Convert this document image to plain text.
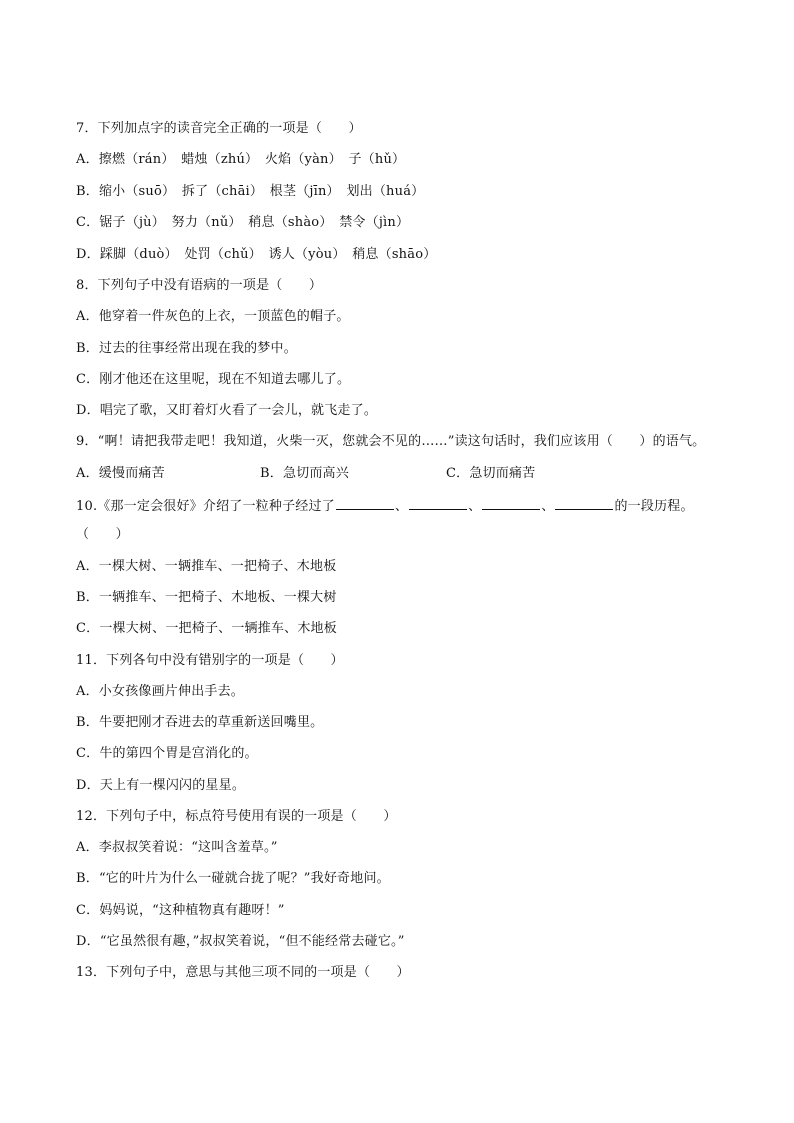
7．下列加点字的读音完全正确的一项是（　　）
A．擦燃（rán）　蜡烛（zhú）　火焰（yàn）　子（hǔ）
B．缩小（suō）　拆了（chāi）　根茎（jīn）　划出（huá）
C．锯子（jù）　努力（nǔ）　稍息（shào）　禁令（jìn）
D．踩脚（duò）　处罚（chǔ）　诱人（yòu）　稍息（shāo）
8．下列句子中没有语病的一项是（　　）
A．他穿着一件灰色的上衣，一顶蓝色的帽子。
B．过去的往事经常出现在我的梦中。
C．刚才他还在这里呢，现在不知道去哪儿了。
D．唱完了歌，又盯着灯火看了一会儿，就飞走了。
9．“啊！请把我带走吧！我知道，火柴一灭，您就会不见的……”读这句话时，我们应该用（　　）的语气。
A．缓慢而痛苦	B．急切而高兴	C．急切而痛苦
10.《那一定会很好》介绍了一粒种子经过了	、	、	、	的一段历程。
（　　）
A．一棵大树、一辆推车、一把椅子、木地板
B．一辆推车、一把椅子、木地板、一棵大树
C．一棵大树、一把椅子、一辆推车、木地板
11．下列各句中没有错别字的一项是（　　）
A．小女孩像画片伸出手去。
B．牛要把刚才吞进去的草重新送回嘴里。
C．牛的第四个胃是宫消化的。
D．天上有一棵闪闪的星星。
12．下列句子中，标点符号使用有误的一项是（　　）
A．李叔叔笑着说：“这叫含羞草。”
B．“它的叶片为什么一碰就合拢了呢？”我好奇地问。
C．妈妈说，“这种植物真有趣呀！”
D．“它虽然很有趣，”叔叔笑着说，“但不能经常去碰它。”
13．下列句子中，意思与其他三项不同的一项是（　　）
